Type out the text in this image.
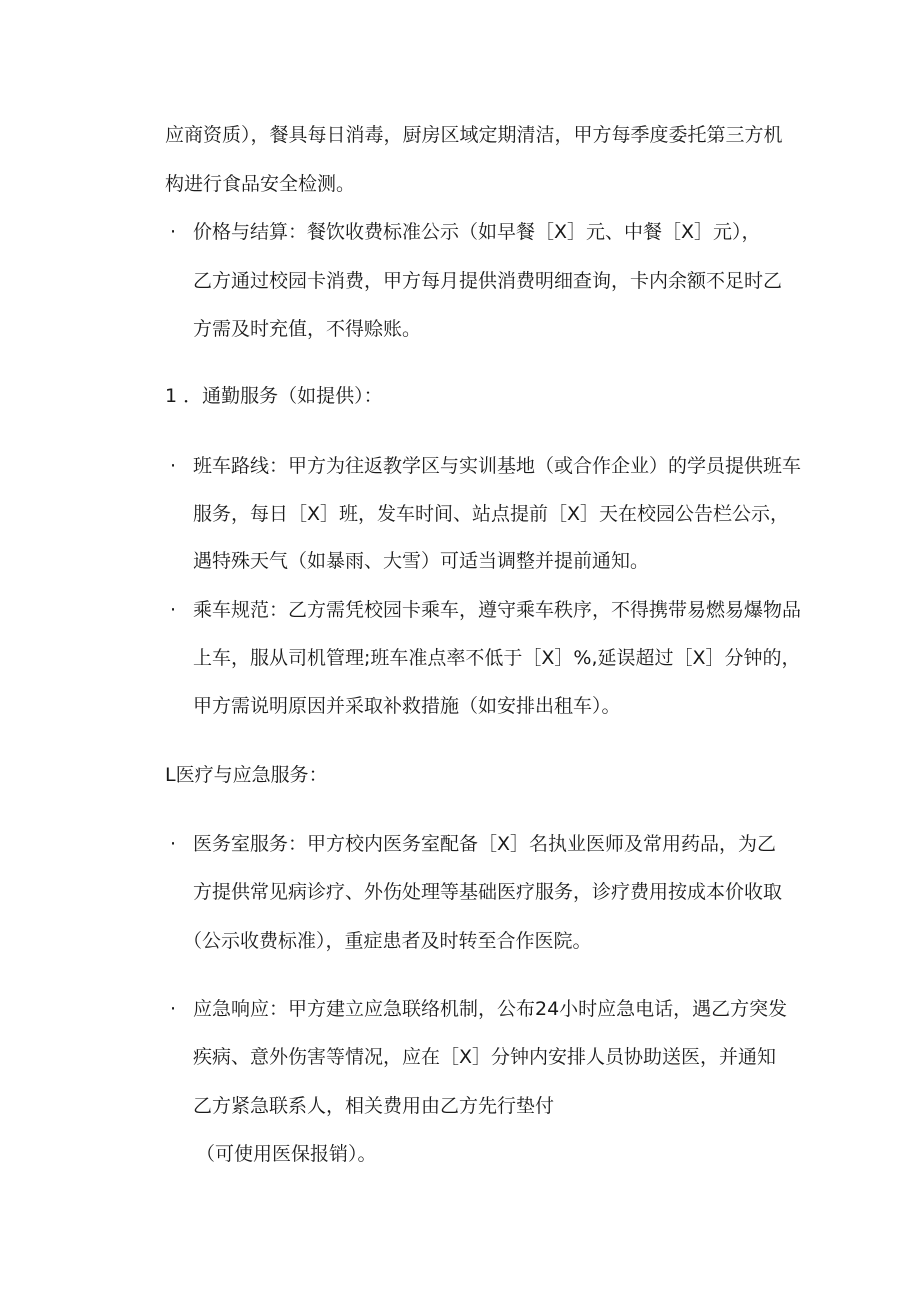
应商资质），餐具每日消毒，厨房区域定期清洁，甲方每季度委托第三方机
构进行食品安全检测。
· 价格与结算：餐饮收费标准公示（如早餐［X］元、中餐［X］元），
乙方通过校园卡消费，甲方每月提供消费明细查询，卡内余额不足时乙
方需及时充值，不得赊账。
1 ．通勤服务（如提供）：
· 班车路线：甲方为往返教学区与实训基地（或合作企业）的学员提供班车
服务，每日［X］班，发车时间、站点提前［X］天在校园公告栏公示，
遇特殊天气（如暴雨、大雪）可适当调整并提前通知。
· 乘车规范：乙方需凭校园卡乘车，遵守乘车秩序，不得携带易燃易爆物品
上车，服从司机管理;班车准点率不低于［X］%,延误超过［X］分钟的，
甲方需说明原因并采取补救措施（如安排出租车）。
L医疗与应急服务：
· 医务室服务：甲方校内医务室配备［X］名执业医师及常用药品，为乙
方提供常见病诊疗、外伤处理等基础医疗服务，诊疗费用按成本价收取
（公示收费标准），重症患者及时转至合作医院。
· 应急响应：甲方建立应急联络机制，公布24小时应急电话，遇乙方突发
疾病、意外伤害等情况，应在［X］分钟内安排人员协助送医，并通知
乙方紧急联系人，相关费用由乙方先行垫付
（可使用医保报销）。
